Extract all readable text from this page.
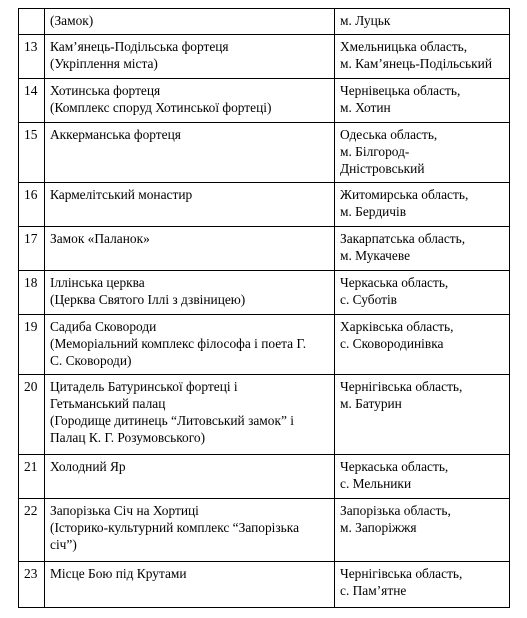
	(Замок)	м. Луцьк

13	Кам’янець-Подільська фортеця
(Укріплення міста)	Хмельницька область,
м. Кам’янець-Подільський

14	Хотинська фортеця
(Комплекс споруд Хотинської фортеці)	Чернівецька область,
м. Хотин

15	Аккерманська фортеця	Одеська область,
м. Білгород-
Дністровський

16	Кармелітський монастир	Житомирська область,
м. Бердичів

17	Замок «Паланок»	Закарпатська область,
м. Мукачеве

18	Іллінська церква
(Церква Святого Іллі з дзвіницею)	Черкаська область,
с. Суботів

19	Садиба Сковороди
(Меморіальний комплекс філософа і поета Г.
С. Сковороди)	Харківська область,
с. Сковородинівка

20	Цитадель Батуринської фортеці і
Гетьманський палац
(Городище дитинець “Литовський замок” і
Палац К. Г. Розумовського)	Чернігівська область,
м. Батурин

21	Холодний Яр	Черкаська область,
с. Мельники

22	Запорізька Січ на Хортиці
(Історико-культурний комплекс “Запорізька
січ”)	Запорізька область,
м. Запоріжжя

23	Місце Бою під Крутами	Чернігівська область,
с. Пам’ятне
